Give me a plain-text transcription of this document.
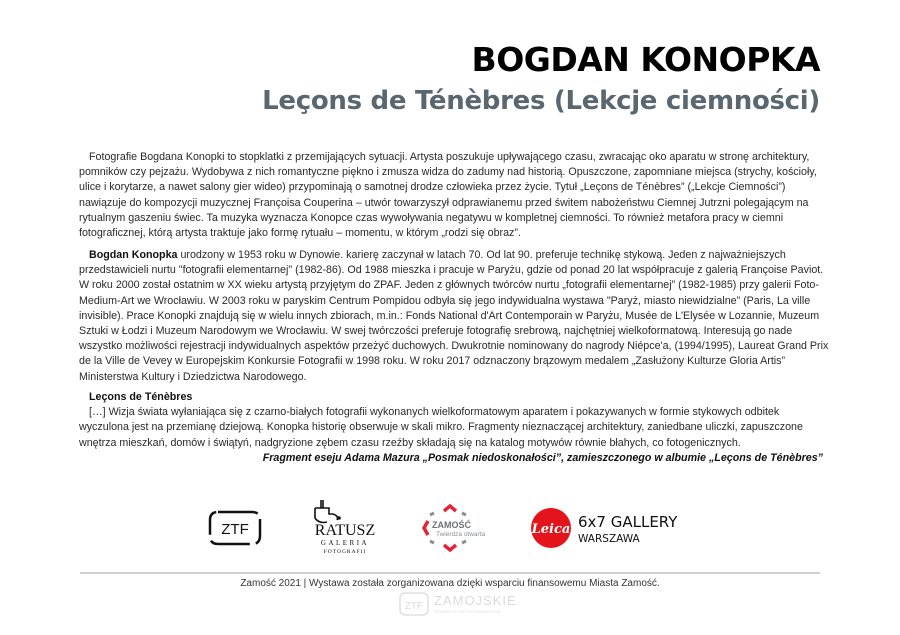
BOGDAN KONOPKA
Leçons de Ténèbres (Lekcje ciemności)
Fotografie Bogdana Konopki to stopklatki z przemijających sytuacji. Artysta poszukuje upływającego czasu, zwracając oko aparatu w stronę architektury, pomników czy pejzażu. Wydobywa z nich romantyczne piękno i zmusza widza do zadumy nad historią. Opuszczone, zapomniane miejsca (strychy, kościoły, ulice i korytarze, a nawet salony gier wideo) przypominają o samotnej drodze człowieka przez życie. Tytuł „Leçons de Ténèbres” („Lekcje Ciemności”) nawiązuje do kompozycji muzycznej Françoisa Couperina – utwór towarzyszył odprawianemu przed świtem nabożeństwu Ciemnej Jutrzni polegającym na rytualnym gaszeniu świec. Ta muzyka wyznacza Konopce czas wywoływania negatywu w kompletnej ciemności. To również metafora pracy w ciemni fotograficznej, którą artysta traktuje jako formę rytuału – momentu, w którym „rodzi się obraz”.
Bogdan Konopka urodzony w 1953 roku w Dynowie. karierę zaczynał w latach 70. Od lat 90. preferuje technikę stykową. Jeden z najważniejszych przedstawicieli nurtu "fotografii elementarnej" (1982-86). Od 1988 mieszka i pracuje w Paryżu, gdzie od ponad 20 lat współpracuje z galerią Françoise Paviot. W roku 2000 został ostatnim w XX wieku artystą przyjętym do ZPAF. Jeden z głównych twórców nurtu „fotografii elementarnej” (1982-1985) przy galerii Foto-Medium-Art we Wrocławiu. W 2003 roku w paryskim Centrum Pompidou odbyła się jego indywidualna wystawa "Paryż, miasto niewidzialne” (Paris, La ville invisible). Prace Konopki znajdują się w wielu innych zbiorach, m.in.: Fonds National d'Art Contemporain w Paryżu, Musée de L'Elysée w Lozannie, Muzeum Sztuki w Łodzi i Muzeum Narodowym we Wrocławiu. W swej twórczości preferuje fotografię srebrową, najchętniej wielkoformatową. Interesują go nade wszystko możliwości rejestracji indywidualnych aspektów przeżyć duchowych. Dwukrotnie nominowany do nagrody Niépce'a, (1994/1995), Laureat Grand Prix de la Ville de Vevey w Europejskim Konkursie Fotografii w 1998 roku. W roku 2017 odznaczony brązowym medalem „Zasłużony Kulturze Gloria Artis” Ministerstwa Kultury i Dziedzictwa Narodowego.
Leçons de Ténèbres
[…] Wizja świata wyłaniająca się z czarno-białych fotografii wykonanych wielkoformatowym aparatem i pokazywanych w formie stykowych odbitek wyczulona jest na przemianę dziejową. Konopka historię obserwuje w skali mikro. Fragmenty nieznaczącej architektury, zaniedbane uliczki, zapuszczone wnętrza mieszkań, domów i świątyń, nadgryzione zębem czasu rzeźby składają się na katalog motywów równie błahych, co fotogenicznych.
Fragment eseju Adama Mazura „Posmak niedoskonałości”, zamieszczonego w albumie „Leçons de Ténèbres”
ZTF	RATUSZ
GALERIA
FOTOGRAFII
ZAMOŚĆ
Twierdza otwarta	Leica 6x7 GALLERY
WARSZAWA
Zamość 2021 | Wystawa została zorganizowana dzięki wsparciu finansowemu Miasta Zamość.
ZTF ZAMOJSKIE
TOWARZYSTWO FOTOGRAFICZNE
